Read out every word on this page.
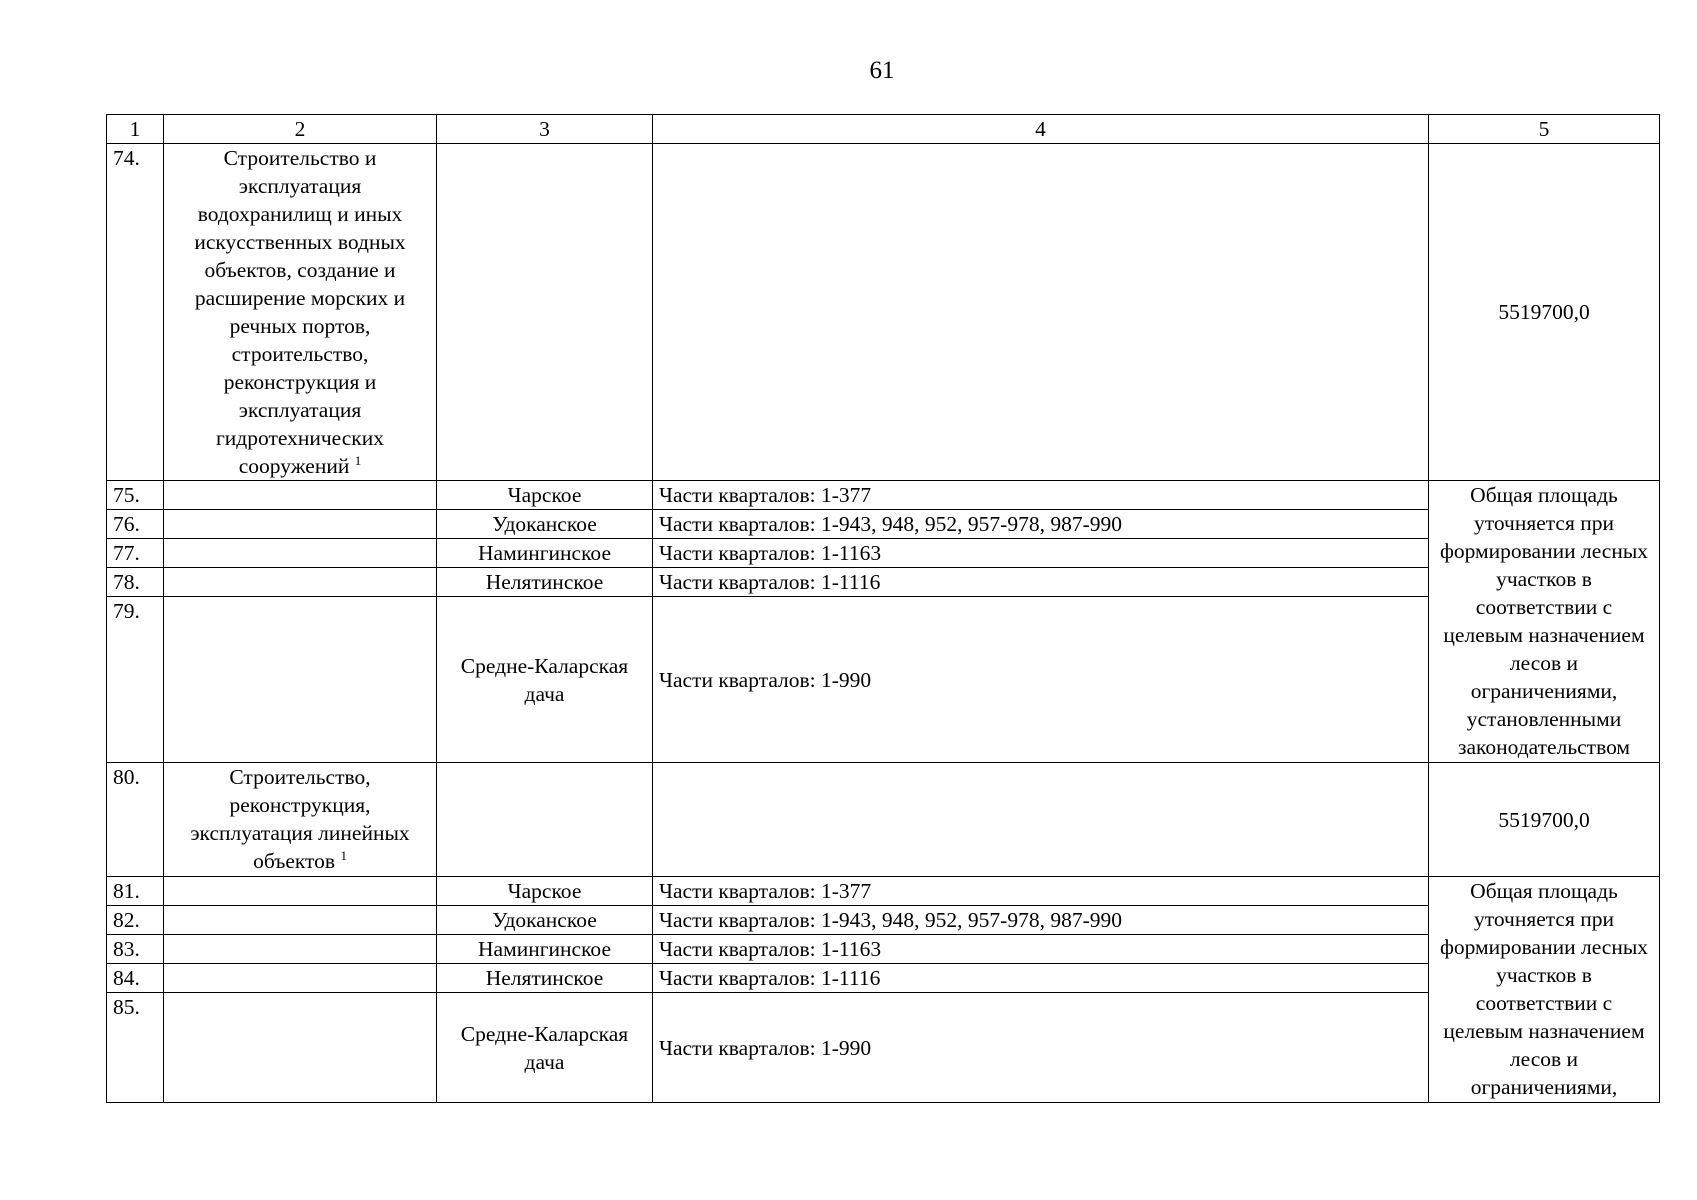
61
1	2	3	4	5
74.	Строительство и эксплуатация водохранилищ и иных искусственных водных объектов, создание и расширение морских и речных портов, строительство, реконструкция и эксплуатация гидротехнических сооружений $^1$			5519700,0
75.		Чарское	Части кварталов: 1-377	Общая площадь уточняется при формировании лесных участков в соответствии с целевым назначением лесов и ограничениями, установленными законодательством

76.		Удоканское	Части кварталов: 1-943, 948, 952, 957-978, 987-990	
77.		Намингинское	Части кварталов: 1-1163	
78.		Нелятинское	Части кварталов: 1-1116	
79.		Средне-Каларская дача	Части кварталов: 1-990	
80.	Строительство, реконструкция, эксплуатация линейных объектов $^1$			5519700,0
81.		Чарское	Части кварталов: 1-377	Общая площадь уточняется при формировании лесных участков в соответствии с целевым назначением лесов и ограничениями,

82.		Удоканское	Части кварталов: 1-943, 948, 952, 957-978, 987-990	
83.		Намингинское	Части кварталов: 1-1163	
84.		Нелятинское	Части кварталов: 1-1116	
85.		Средне-Каларская дача	Части кварталов: 1-990	
